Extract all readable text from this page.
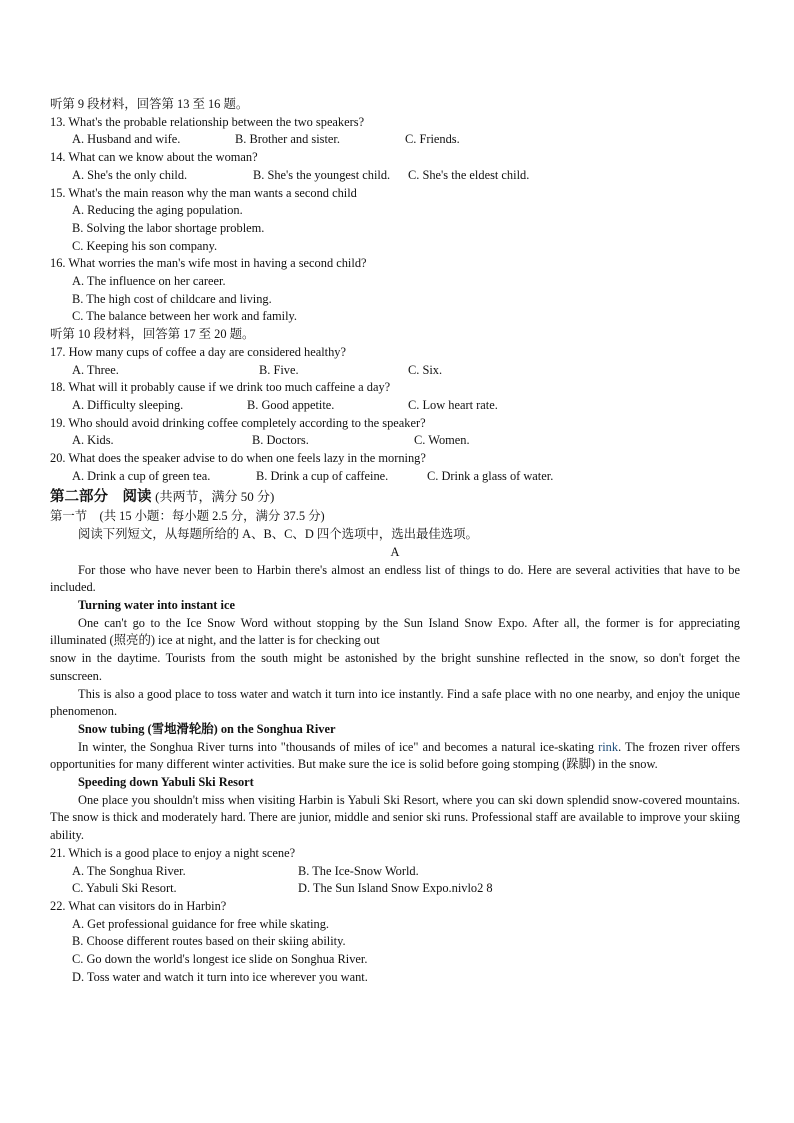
听第 9 段材料，回答第 13 至 16 题。
13. What's the probable relationship between the two speakers?
A. Husband and wife.	B. Brother and sister.	C. Friends.
14. What can we know about the woman?
A. She's the only child.	B. She's the youngest child.	C. She's the eldest child.
15. What's the main reason why the man wants a second child
A. Reducing the aging population.
B. Solving the labor shortage problem.
C. Keeping his son company.
16. What worries the man's wife most in having a second child?
A. The influence on her career.
B. The high cost of childcare and living.
C. The balance between her work and family.
听第 10 段材料，回答第 17 至 20 题。
17. How many cups of coffee a day are considered healthy?
A. Three.	B. Five.	C. Six.
18. What will it probably cause if we drink too much caffeine a day?
A. Difficulty sleeping.	B. Good appetite.	C. Low heart rate.
19. Who should avoid drinking coffee completely according to the speaker?
A. Kids.	B. Doctors.	C. Women.
20. What does the speaker advise to do when one feels lazy in the morning?
A. Drink a cup of green tea.	B. Drink a cup of caffeine.	C. Drink a glass of water.
第二部分　阅读 (共两节，满分 50 分)
第一节　(共 15 小题：每小题 2.5 分，满分 37.5 分)
阅读下列短文，从每题所给的 A、B、C、D 四个选项中，选出最佳选项。
A
For those who have never been to Harbin there's almost an endless list of things to do. Here are several activities that have to be included.
Turning water into instant ice
One can't go to the Ice Snow Word without stopping by the Sun Island Snow Expo. After all, the former is for appreciating illuminated (照亮的) ice at night, and the latter is for checking out
snow in the daytime. Tourists from the south might be astonished by the bright sunshine reflected in the snow, so don't forget the sunscreen.
This is also a good place to toss water and watch it turn into ice instantly. Find a safe place with no one nearby, and enjoy the unique phenomenon.
Snow tubing (雪地滑轮胎) on the Songhua River
In winter, the Songhua River turns into "thousands of miles of ice" and becomes a natural ice-skating rink. The frozen river offers opportunities for many different winter activities. But make sure the ice is solid before going stomping (跺脚) in the snow.
Speeding down Yabuli Ski Resort
One place you shouldn't miss when visiting Harbin is Yabuli Ski Resort, where you can ski down splendid snow-covered mountains. The snow is thick and moderately hard. There are junior, middle and senior ski runs. Professional staff are available to improve your skiing ability.
21. Which is a good place to enjoy a night scene?
A. The Songhua River.	B. The Ice-Snow World.
C. Yabuli Ski Resort.	D. The Sun Island Snow Expo.nivlo2 8
22. What can visitors do in Harbin?
A. Get professional guidance for free while skating.
B. Choose different routes based on their skiing ability.
C. Go down the world's longest ice slide on Songhua River.
D. Toss water and watch it turn into ice wherever you want.
